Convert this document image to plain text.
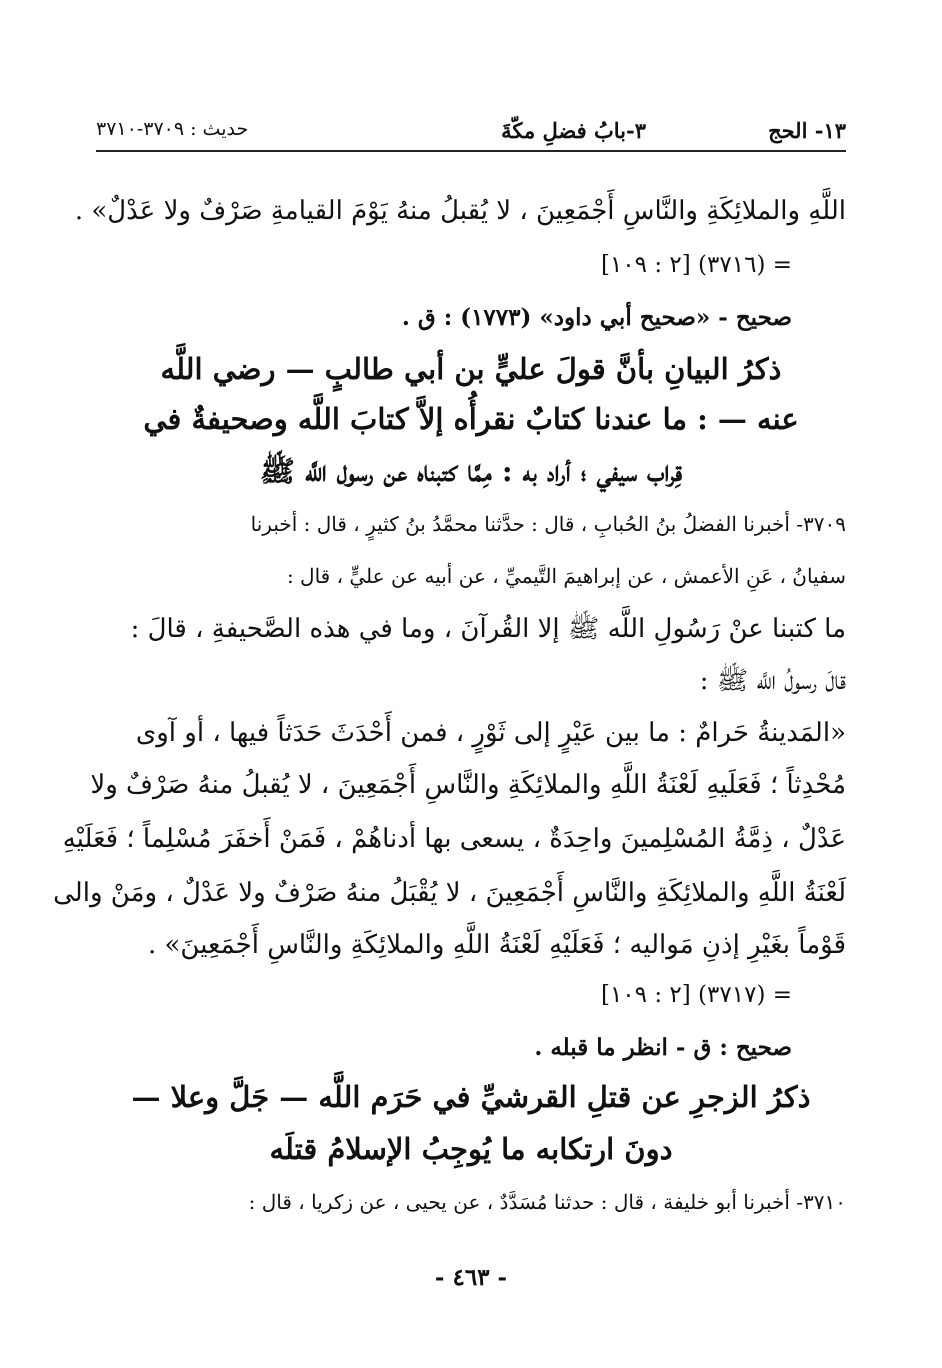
١٣- الحج
٣-بابُ فضلِ مكّةَ
حديث : ٣٧٠٩-٣٧١٠
اللَّهِ والملائِكَةِ والنَّاسِ أَجْمَعِينَ ، لا يُقبلُ منهُ يَوْمَ القيامةِ صَرْفٌ ولا عَدْلٌ» .
= (٣٧١٦) [٢ : ١٠٩]
صحيح - «صحيح أبي داود» (١٧٧٣) : ق .
ذكرُ البيانِ بأنَّ قولَ عليٍّ بن أبي طالبٍ — رضي اللَّه
عنه — : ما عندنا كتابٌ نقرأُه إلاَّ كتابَ اللَّه وصحيفةٌ في
قِراب سيفي ؛ أراد به : مِمَّا كتبناه عن رسول اللَّه ﷺ
٣٧٠٩- أخبرنا الفضلُ بنُ الحُبابِ ، قال : حدَّثنا محمَّدُ بنُ كثيرٍ ، قال : أخبرنا
سفيانُ ، عَنِ الأعمش ، عن إبراهيمَ التَّيميِّ ، عن أبيه عن عليٍّ ، قال :
ما كتبنا عنْ رَسُولِ اللَّه ﷺ إلا القُرآنَ ، وما في هذه الصَّحيفةِ ، قالَ :
قالَ رسولُ اللَّه ﷺ :
«المَدينةُ حَرامٌ : ما بين عَيْرٍ إلى ثَوْرٍ ، فمن أَحْدَثَ حَدَثاً فيها ، أو آوى
مُحْدِثاً ؛ فَعَلَيهِ لَعْنَةُ اللَّهِ والملائِكَةِ والنَّاسِ أَجْمَعِينَ ، لا يُقبلُ منهُ صَرْفٌ ولا
عَدْلٌ ، ذِمَّةُ المُسْلِمينَ واحِدَةٌ ، يسعى بها أدناهُمْ ، فَمَنْ أَخفَرَ مُسْلِماً ؛ فَعَلَيْهِ
لَعْنَةُ اللَّهِ والملائِكَةِ والنَّاسِ أَجْمَعِينَ ، لا يُقْبَلُ منهُ صَرْفٌ ولا عَدْلٌ ، ومَنْ والى
قَوْماً بغَيْرِ إذنِ مَواليه ؛ فَعَلَيْهِ لَعْنَةُ اللَّهِ والملائِكَةِ والنَّاسِ أَجْمَعِينَ» .
= (٣٧١٧) [٢ : ١٠٩]
صحيح : ق - انظر ما قبله .
ذكرُ الزجرِ عن قتلِ القرشيِّ في حَرَم اللَّه — جَلَّ وعلا —
دونَ ارتكابه ما يُوجِبُ الإسلامُ قتلَه
٣٧١٠- أخبرنا أبو خليفة ، قال : حدثنا مُسَدَّدٌ ، عن يحيى ، عن زكريا ، قال :
- ٤٦٣ -
